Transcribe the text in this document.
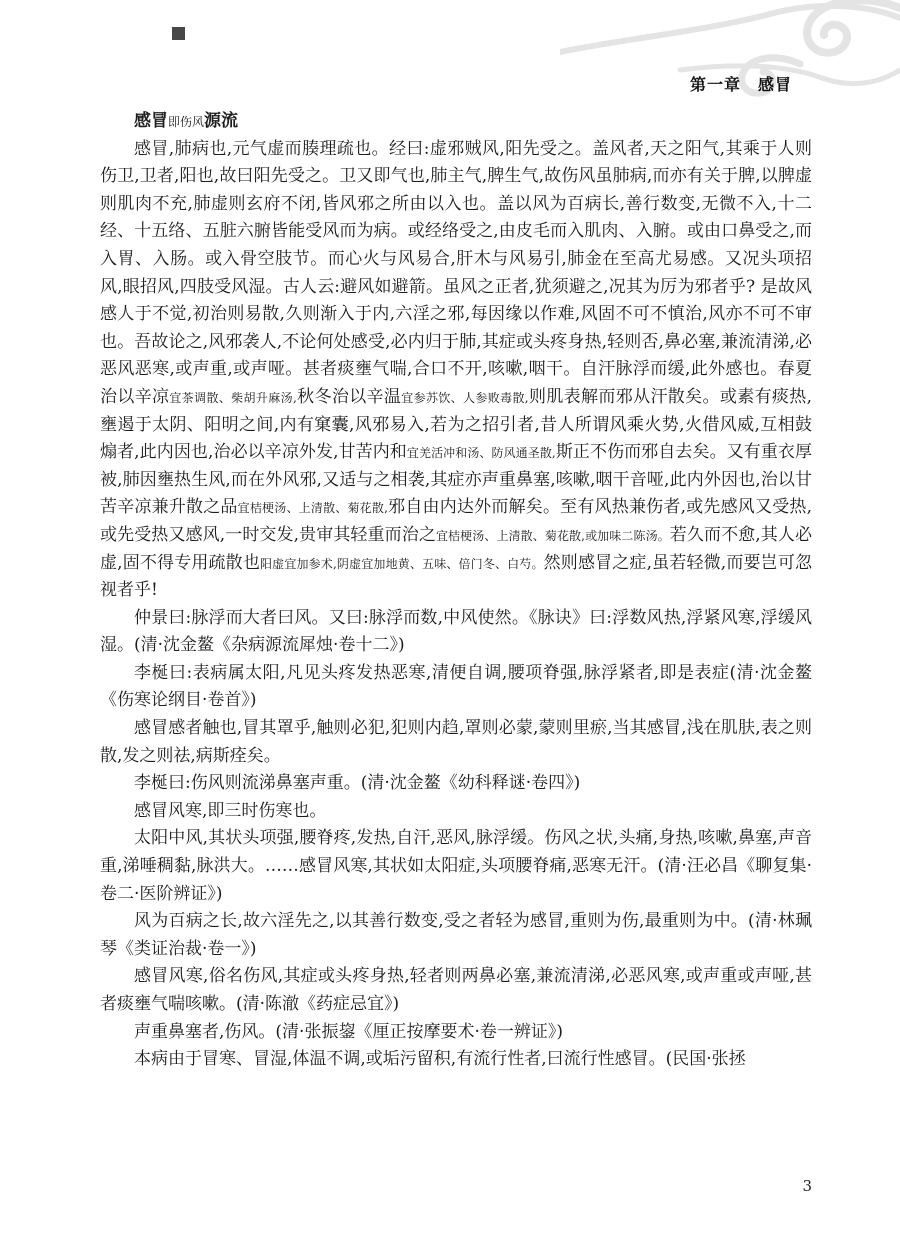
第一章　感冒

感冒即伤风源流

感冒,肺病也,元气虚而腠理疏也。经曰:虚邪贼风,阳先受之。盖风者,天之阳气,其乘于人则伤卫,卫者,阳也,故曰阳先受之。卫又即气也,肺主气,脾生气,故伤风虽肺病,而亦有关于脾,以脾虚则肌肉不充,肺虚则玄府不闭,皆风邪之所由以入也。盖以风为百病长,善行数变,无微不入,十二经、十五络、五脏六腑皆能受风而为病。或经络受之,由皮毛而入肌肉、入腑。或由口鼻受之,而入胃、入肠。或入骨空肢节。而心火与风易合,肝木与风易引,肺金在至高尤易感。又况头项招风,眼招风,四肢受风湿。古人云:避风如避箭。虽风之正者,犹须避之,况其为厉为邪者乎? 是故风感人于不觉,初治则易散,久则渐入于内,六淫之邪,每因缘以作难,风固不可不慎治,风亦不可不审也。吾故论之,风邪袭人,不论何处感受,必内归于肺,其症或头疼身热,轻则否,鼻必塞,兼流清涕,必恶风恶寒,或声重,或声哑。甚者痰壅气喘,合口不开,咳嗽,咽干。自汗脉浮而缓,此外感也。春夏治以辛凉宜茶调散、柴胡升麻汤,秋冬治以辛温宜参苏饮、人参败毒散,则肌表解而邪从汗散矣。或素有痰热,壅遏于太阴、阳明之间,内有窠囊,风邪易入,若为之招引者,昔人所谓风乘火势,火借风威,互相鼓煽者,此内因也,治必以辛凉外发,甘苦内和宜羌活冲和汤、防风通圣散,斯正不伤而邪自去矣。又有重衣厚被,肺因壅热生风,而在外风邪,又适与之相袭,其症亦声重鼻塞,咳嗽,咽干音哑,此内外因也,治以甘苦辛凉兼升散之品宜桔梗汤、上清散、菊花散,邪自由内达外而解矣。至有风热兼伤者,或先感风又受热,或先受热又感风,一时交发,贵审其轻重而治之宜桔梗汤、上清散、菊花散,或加味二陈汤。若久而不愈,其人必虚,固不得专用疏散也阳虚宜加参术,阴虚宜加地黄、五味、倍门冬、白芍。然则感冒之症,虽若轻微,而要岂可忽视者乎!

仲景曰:脉浮而大者曰风。又曰:脉浮而数,中风使然。《脉诀》曰:浮数风热,浮紧风寒,浮缓风湿。(清·沈金鳌《杂病源流犀烛·卷十二》)

李梴曰:表病属太阳,凡见头疼发热恶寒,清便自调,腰项脊强,脉浮紧者,即是表症(清·沈金鳌《伤寒论纲目·卷首》)

感冒感者触也,冒其罩乎,触则必犯,犯则内趋,罩则必蒙,蒙则里瘀,当其感冒,浅在肌肤,表之则散,发之则祛,病斯痊矣。

李梴曰:伤风则流涕鼻塞声重。(清·沈金鳌《幼科释谜·卷四》)

感冒风寒,即三时伤寒也。

太阳中风,其状头项强,腰脊疼,发热,自汗,恶风,脉浮缓。伤风之状,头痛,身热,咳嗽,鼻塞,声音重,涕唾稠黏,脉洪大。……感冒风寒,其状如太阳症,头项腰脊痛,恶寒无汗。(清·汪必昌《聊复集·卷二·医阶辨证》)

风为百病之长,故六淫先之,以其善行数变,受之者轻为感冒,重则为伤,最重则为中。(清·林珮琴《类证治裁·卷一》)

感冒风寒,俗名伤风,其症或头疼身热,轻者则两鼻必塞,兼流清涕,必恶风寒,或声重或声哑,甚者痰壅气喘咳嗽。(清·陈澈《药症忌宜》)

声重鼻塞者,伤风。(清·张振鋆《厘正按摩要术·卷一辨证》)

本病由于冒寒、冒湿,体温不调,或垢污留积,有流行性者,曰流行性感冒。(民国·张拯

3
